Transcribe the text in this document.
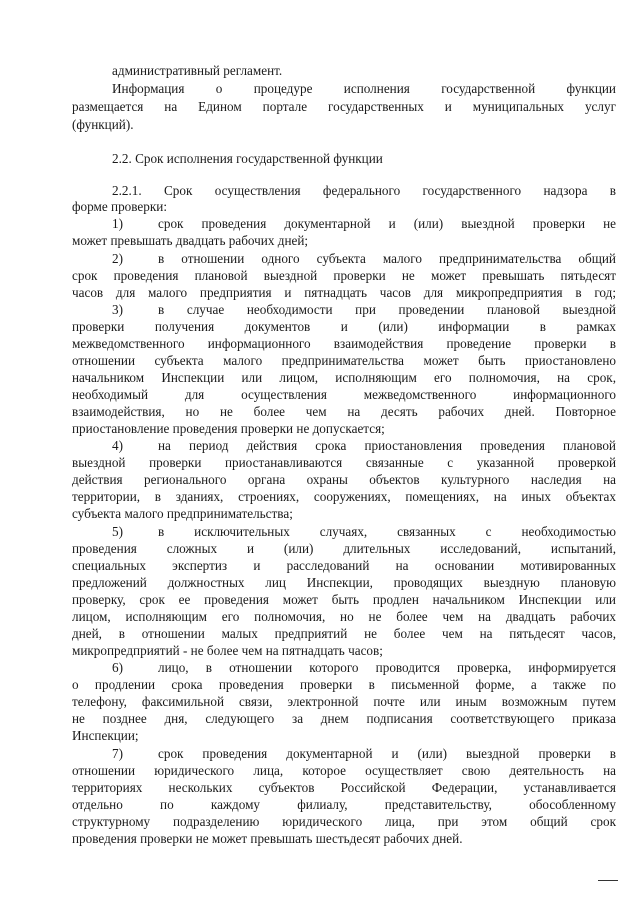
административный регламент.
Информация о процедуре исполнения государственной функции
размещается на Едином портале государственных и муниципальных услуг
(функций).
2.2. Срок исполнения государственной функции
2.2.1. Срок осуществления федерального государственного надзора в
форме проверки:
1)	срок проведения документарной и (или) выездной проверки не
может превышать двадцать рабочих дней;
2)	в отношении одного субъекта малого предпринимательства общий
срок проведения плановой выездной проверки не может превышать пятьдесят
часов для малого предприятия и пятнадцать часов для микропредприятия в год;
3)	в случае необходимости при проведении плановой выездной
проверки получения документов и (или) информации в рамках
межведомственного информационного взаимодействия проведение проверки в
отношении субъекта малого предпринимательства может быть приостановлено
начальником Инспекции или лицом, исполняющим его полномочия, на срок,
необходимый для осуществления межведомственного информационного
взаимодействия, но не более чем на десять рабочих дней. Повторное
приостановление проведения проверки не допускается;
4)	на период действия срока приостановления проведения плановой
выездной проверки приостанавливаются связанные с указанной проверкой
действия регионального органа охраны объектов культурного наследия на
территории, в зданиях, строениях, сооружениях, помещениях, на иных объектах
субъекта малого предпринимательства;
5)	в исключительных случаях, связанных с необходимостью
проведения сложных и (или) длительных исследований, испытаний,
специальных экспертиз и расследований на основании мотивированных
предложений должностных лиц Инспекции, проводящих выездную плановую
проверку, срок ее проведения может быть продлен начальником Инспекции или
лицом, исполняющим его полномочия, но не более чем на двадцать рабочих
дней, в отношении малых предприятий не более чем на пятьдесят часов,
микропредприятий - не более чем на пятнадцать часов;
6)	лицо, в отношении которого проводится проверка, информируется
о продлении срока проведения проверки в письменной форме, а также по
телефону, факсимильной связи, электронной почте или иным возможным путем
не позднее дня, следующего за днем подписания соответствующего приказа
Инспекции;
7)	срок проведения документарной и (или) выездной проверки в
отношении юридического лица, которое осуществляет свою деятельность на
территориях нескольких субъектов Российской Федерации, устанавливается
отдельно по каждому филиалу, представительству, обособленному
структурному подразделению юридического лица, при этом общий срок
проведения проверки не может превышать шестьдесят рабочих дней.
